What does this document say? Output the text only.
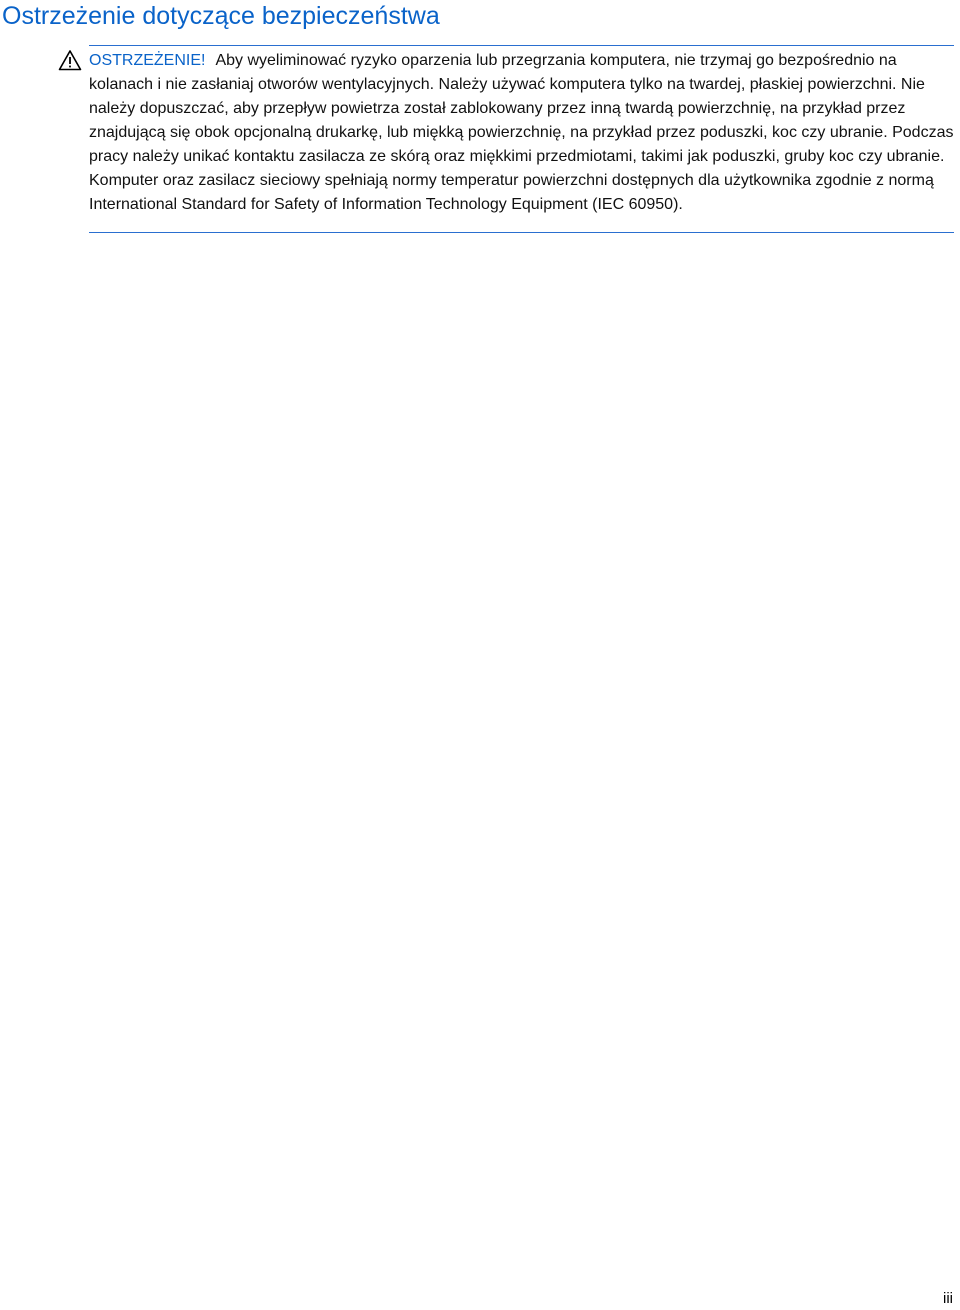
Ostrzeżenie dotyczące bezpieczeństwa

OSTRZEŻENIE! Aby wyeliminować ryzyko oparzenia lub przegrzania komputera, nie trzymaj go bezpośrednio na kolanach i nie zasłaniaj otworów wentylacyjnych. Należy używać komputera tylko na twardej, płaskiej powierzchni. Nie należy dopuszczać, aby przepływ powietrza został zablokowany przez inną twardą powierzchnię, na przykład przez znajdującą się obok opcjonalną drukarkę, lub miękką powierzchnię, na przykład przez poduszki, koc czy ubranie. Podczas pracy należy unikać kontaktu zasilacza ze skórą oraz miękkimi przedmiotami, takimi jak poduszki, gruby koc czy ubranie. Komputer oraz zasilacz sieciowy spełniają normy temperatur powierzchni dostępnych dla użytkownika zgodnie z normą International Standard for Safety of Information Technology Equipment (IEC 60950).

iii
